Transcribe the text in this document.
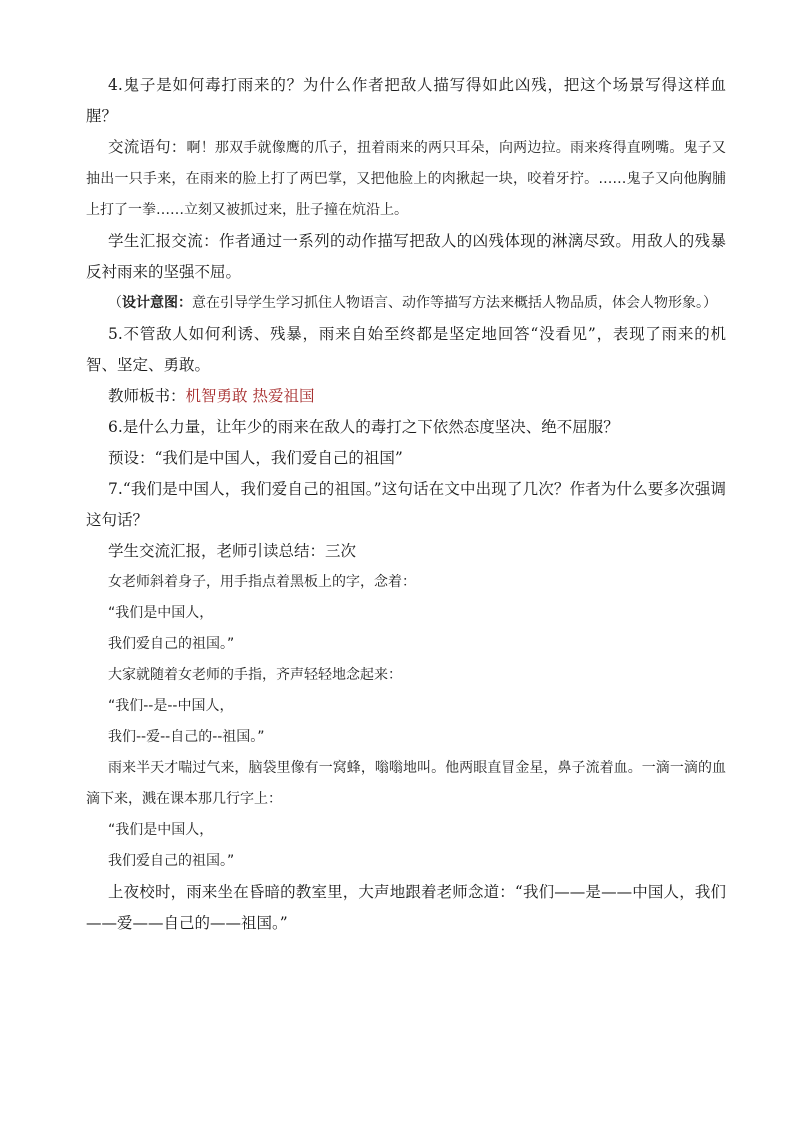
4.鬼子是如何毒打雨来的？为什么作者把敌人描写得如此凶残，把这个场景写得这样血腥？

交流语句：啊！那双手就像鹰的爪子，扭着雨来的两只耳朵，向两边拉。雨来疼得直咧嘴。鬼子又抽出一只手来，在雨来的脸上打了两巴掌，又把他脸上的肉揪起一块，咬着牙拧。……鬼子又向他胸脯上打了一拳……立刻又被抓过来，肚子撞在炕沿上。

学生汇报交流：作者通过一系列的动作描写把敌人的凶残体现的淋漓尽致。用敌人的残暴反衬雨来的坚强不屈。

（设计意图：意在引导学生学习抓住人物语言、动作等描写方法来概括人物品质，体会人物形象。）

5.不管敌人如何利诱、残暴，雨来自始至终都是坚定地回答“没看见”，表现了雨来的机智、坚定、勇敢。

教师板书：机智勇敢 热爱祖国

6.是什么力量，让年少的雨来在敌人的毒打之下依然态度坚决、绝不屈服？

预设：“我们是中国人，我们爱自己的祖国”

7.“我们是中国人，我们爱自己的祖国。”这句话在文中出现了几次？作者为什么要多次强调这句话？

学生交流汇报，老师引读总结：三次

女老师斜着身子，用手指点着黑板上的字，念着：

“我们是中国人，

我们爱自己的祖国。”

大家就随着女老师的手指，齐声轻轻地念起来：

“我们--是--中国人，

我们--爱--自己的--祖国。”

雨来半天才喘过气来，脑袋里像有一窝蜂，嗡嗡地叫。他两眼直冒金星，鼻子流着血。一滴一滴的血滴下来，溅在课本那几行字上：

“我们是中国人，

我们爱自己的祖国。”

上夜校时，雨来坐在昏暗的教室里，大声地跟着老师念道：“我们——是——中国人，我们——爱——自己的——祖国。”
